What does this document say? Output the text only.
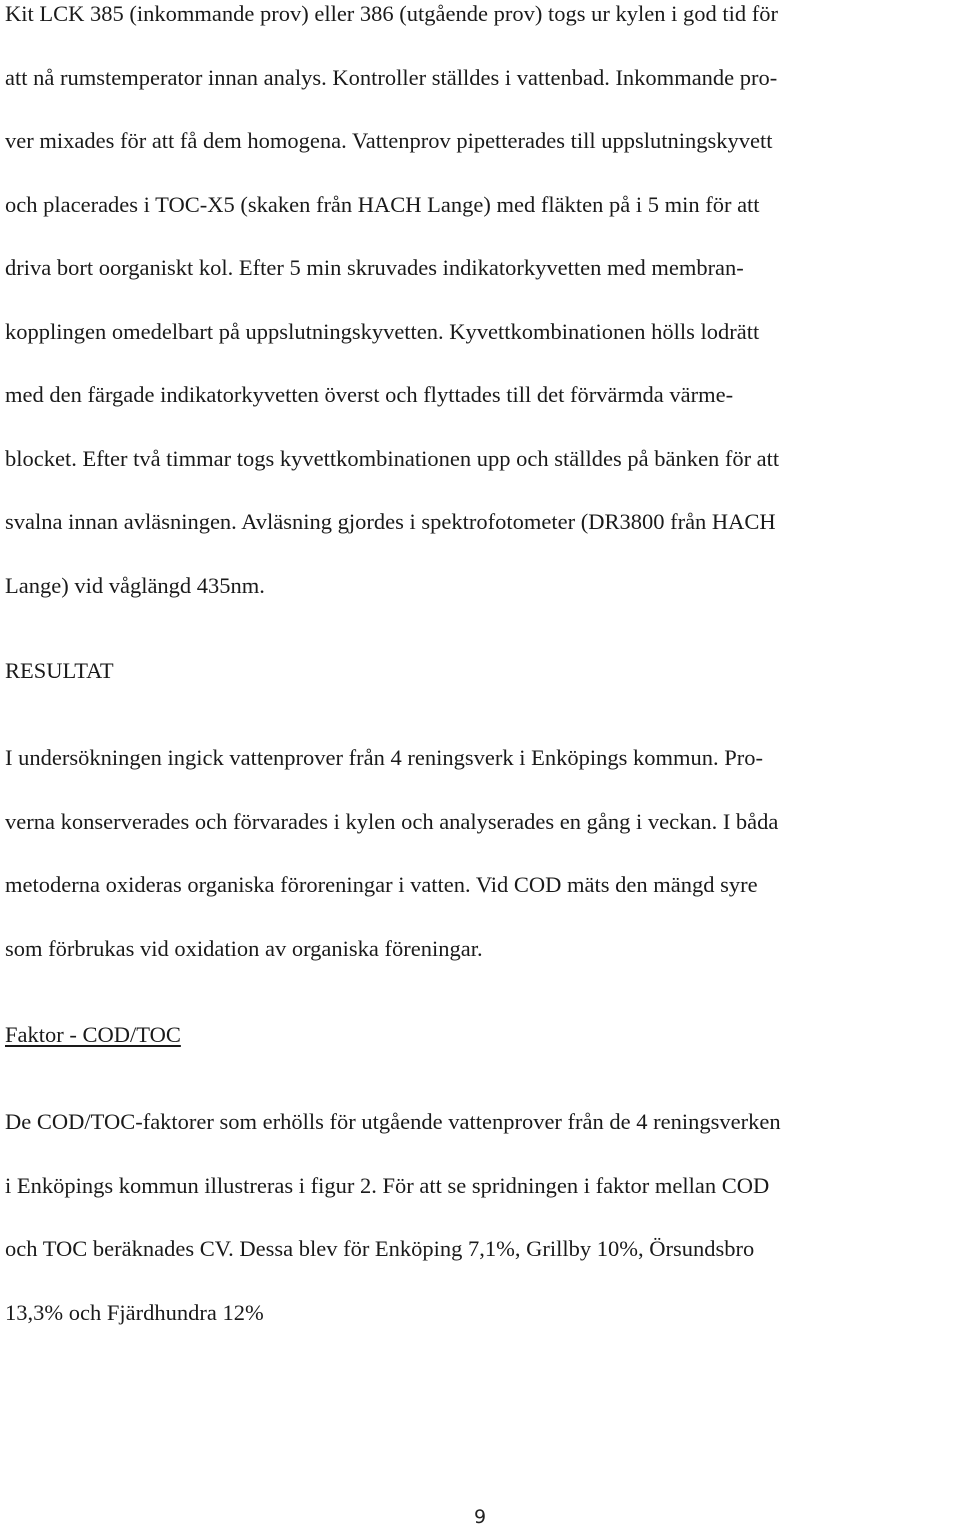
Kit LCK 385 (inkommande prov) eller 386 (utgående prov) togs ur kylen i god tid för
att nå rumstemperator innan analys. Kontroller ställdes i vattenbad. Inkommande pro-
ver mixades för att få dem homogena. Vattenprov pipetterades till uppslutningskyvett
och placerades i TOC-X5 (skaken från HACH Lange) med fläkten på i 5 min för att
driva bort oorganiskt kol. Efter 5 min skruvades indikatorkyvetten med membran-
kopplingen omedelbart på uppslutningskyvetten. Kyvettkombinationen hölls lodrätt
med den färgade indikatorkyvetten överst och flyttades till det förvärmda värme-
blocket. Efter två timmar togs kyvettkombinationen upp och ställdes på bänken för att
svalna innan avläsningen. Avläsning gjordes i spektrofotometer (DR3800 från HACH
Lange) vid våglängd 435nm.

RESULTAT

I undersökningen ingick vattenprover från 4 reningsverk i Enköpings kommun. Pro-
verna konserverades och förvarades i kylen och analyserades en gång i veckan. I båda
metoderna oxideras organiska föroreningar i vatten. Vid COD mäts den mängd syre
som förbrukas vid oxidation av organiska föreningar.

Faktor - COD/TOC

De COD/TOC-faktorer som erhölls för utgående vattenprover från de 4 reningsverken
i Enköpings kommun illustreras i figur 2. För att se spridningen i faktor mellan COD
och TOC beräknades CV. Dessa blev för Enköping 7,1%, Grillby 10%, Örsundsbro
13,3% och Fjärdhundra 12%

9
